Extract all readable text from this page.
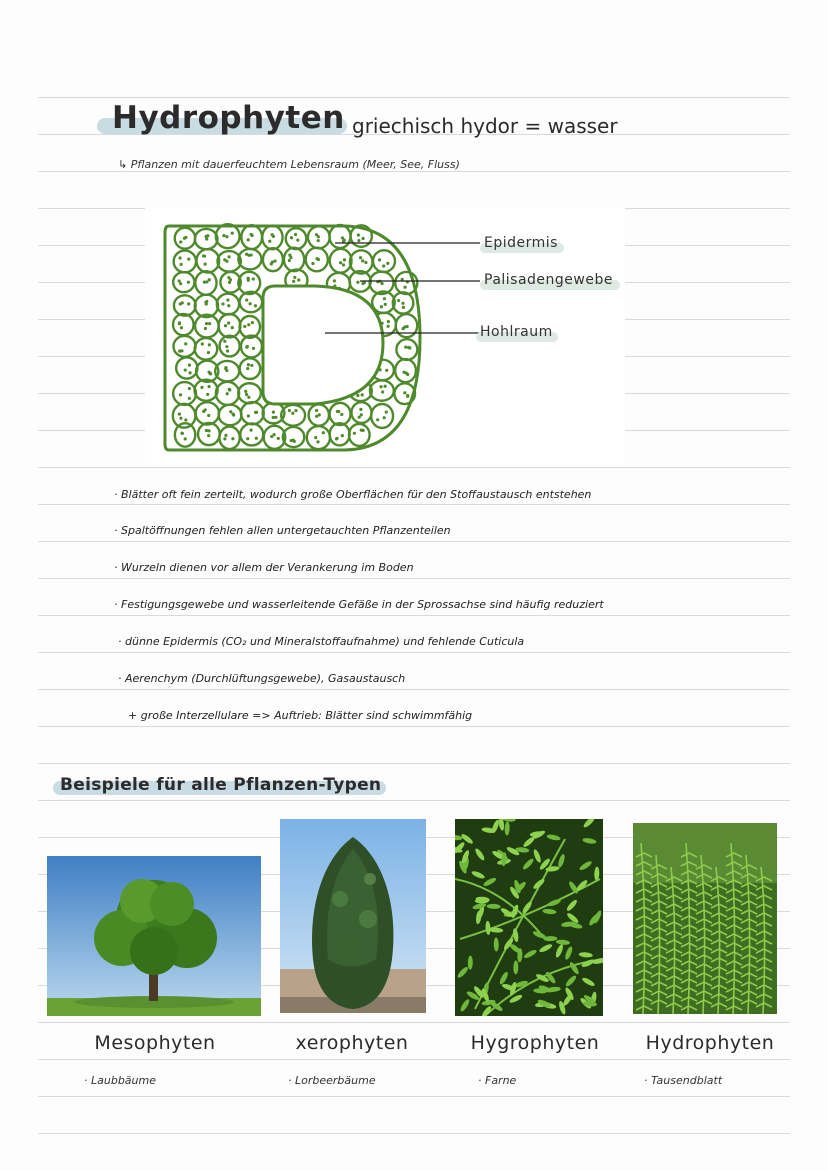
Hydrophyten griechisch hydor = wasser
↳ Pflanzen mit dauerfeuchtem Lebensraum (Meer, See, Fluss)
Epidermis
Palisadengewebe
Hohlraum
· Blätter oft fein zerteilt, wodurch große Oberflächen für den Stoffaustausch entstehen
· Spaltöffnungen fehlen allen untergetauchten Pflanzenteilen
· Wurzeln dienen vor allem der Verankerung im Boden
· Festigungsgewebe und wasserleitende Gefäße in der Sprossachse sind häufig reduziert
· dünne Epidermis (CO₂ und Mineralstoffaufnahme) und fehlende Cuticula
· Aerenchym (Durchlüftungsgewebe), Gasaustausch
+ große Interzellulare => Auftrieb: Blätter sind schwimmfähig
Beispiele für alle Pflanzen-Typen
Mesophyten
· Laubbäume
xerophyten
· Lorbeerbäume
Hygrophyten
· Farne
Hydrophyten
· Tausendblatt
